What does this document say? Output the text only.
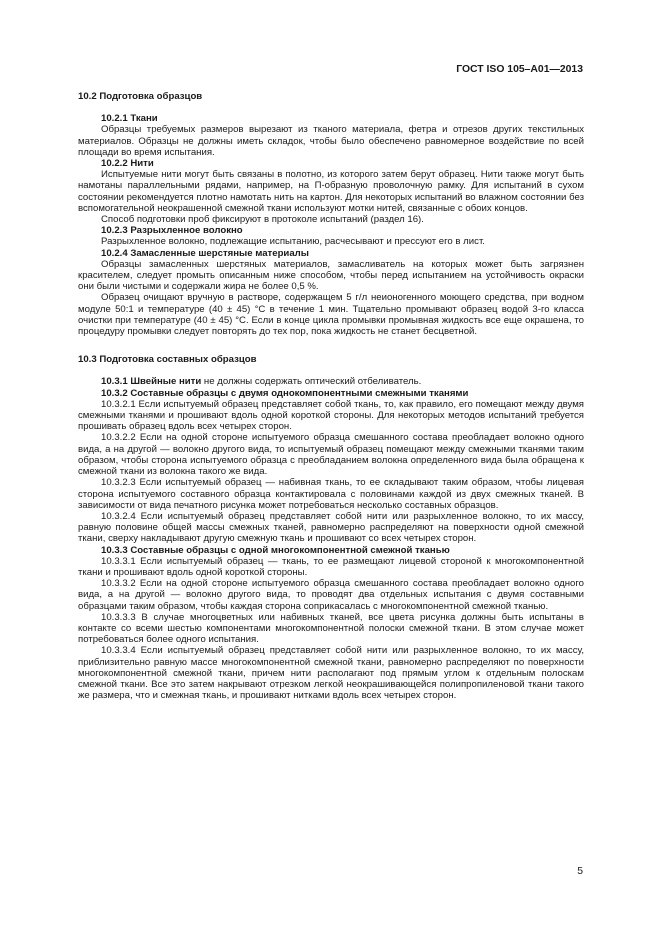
ГОСТ ISO 105–A01—2013

10.2 Подготовка образцов

10.2.1 Ткани

Образцы требуемых размеров вырезают из тканого материала, фетра и отрезов других текстильных материалов. Образцы не должны иметь складок, чтобы было обеспечено равномерное воздействие по всей площади во время испытания.

10.2.2 Нити

Испытуемые нити могут быть связаны в полотно, из которого затем берут образец. Нити также могут быть намотаны параллельными рядами, например, на П-образную проволочную рамку. Для испытаний в сухом состоянии рекомендуется плотно намотать нить на картон. Для некоторых испытаний во влажном состоянии без вспомогательной неокрашенной смежной ткани используют мотки нитей, связанные с обоих концов.

Способ подготовки проб фиксируют в протоколе испытаний (раздел 16).

10.2.3 Разрыхленное волокно

Разрыхленное волокно, подлежащие испытанию, расчесывают и прессуют его в лист.

10.2.4 Замасленные шерстяные материалы

Образцы замасленных шерстяных материалов, замасливатель на которых может быть загрязнен красителем, следует промыть описанным ниже способом, чтобы перед испытанием на устойчивость окраски они были чистыми и содержали жира не более 0,5 %.

Образец очищают вручную в растворе, содержащем 5 г/л неионогенного моющего средства, при водном модуле 50:1 и температуре (40 ± 45) °С в течение 1 мин. Тщательно промывают образец водой 3-го класса очистки при температуре (40 ± 45) °С. Если в конце цикла промывки промывная жидкость все еще окрашена, то процедуру промывки следует повторять до тех пор, пока жидкость не станет бесцветной.

10.3 Подготовка составных образцов

10.3.1 Швейные нити не должны содержать оптический отбеливатель.

10.3.2 Составные образцы с двумя однокомпонентными смежными тканями

10.3.2.1 Если испытуемый образец представляет собой ткань, то, как правило, его помещают между двумя смежными тканями и прошивают вдоль одной короткой стороны. Для некоторых методов испытаний требуется прошивать образец вдоль всех четырех сторон.

10.3.2.2 Если на одной стороне испытуемого образца смешанного состава преобладает волокно одного вида, а на другой — волокно другого вида, то испытуемый образец помещают между смежными тканями таким образом, чтобы сторона испытуемого образца с преобладанием волокна определенного вида была обращена к смежной ткани из волокна такого же вида.

10.3.2.3 Если испытуемый образец — набивная ткань, то ее складывают таким образом, чтобы лицевая сторона испытуемого составного образца контактировала с половинами каждой из двух смежных тканей. В зависимости от вида печатного рисунка может потребоваться несколько составных образцов.

10.3.2.4 Если испытуемый образец представляет собой нити или разрыхленное волокно, то их массу, равную половине общей массы смежных тканей, равномерно распределяют на поверхности одной смежной ткани, сверху накладывают другую смежную ткань и прошивают со всех четырех сторон.

10.3.3 Составные образцы с одной многокомпонентной смежной тканью

10.3.3.1 Если испытуемый образец — ткань, то ее размещают лицевой стороной к многокомпонентной ткани и прошивают вдоль одной короткой стороны.

10.3.3.2 Если на одной стороне испытуемого образца смешанного состава преобладает волокно одного вида, а на другой — волокно другого вида, то проводят два отдельных испытания с двумя составными образцами таким образом, чтобы каждая сторона соприкасалась с многокомпонентной смежной тканью.

10.3.3.3 В случае многоцветных или набивных тканей, все цвета рисунка должны быть испытаны в контакте со всеми шестью компонентами многокомпонентной полоски смежной ткани. В этом случае может потребоваться более одного испытания.

10.3.3.4 Если испытуемый образец представляет собой нити или разрыхленное волокно, то их массу, приблизительно равную массе многокомпонентной смежной ткани, равномерно распределяют по поверхности многокомпонентной смежной ткани, причем нити располагают под прямым углом к отдельным полоскам смежной ткани. Все это затем накрывают отрезком легкой неокрашивающейся полипропиленовой ткани такого же размера, что и смежная ткань, и прошивают нитками вдоль всех четырех сторон.

5
